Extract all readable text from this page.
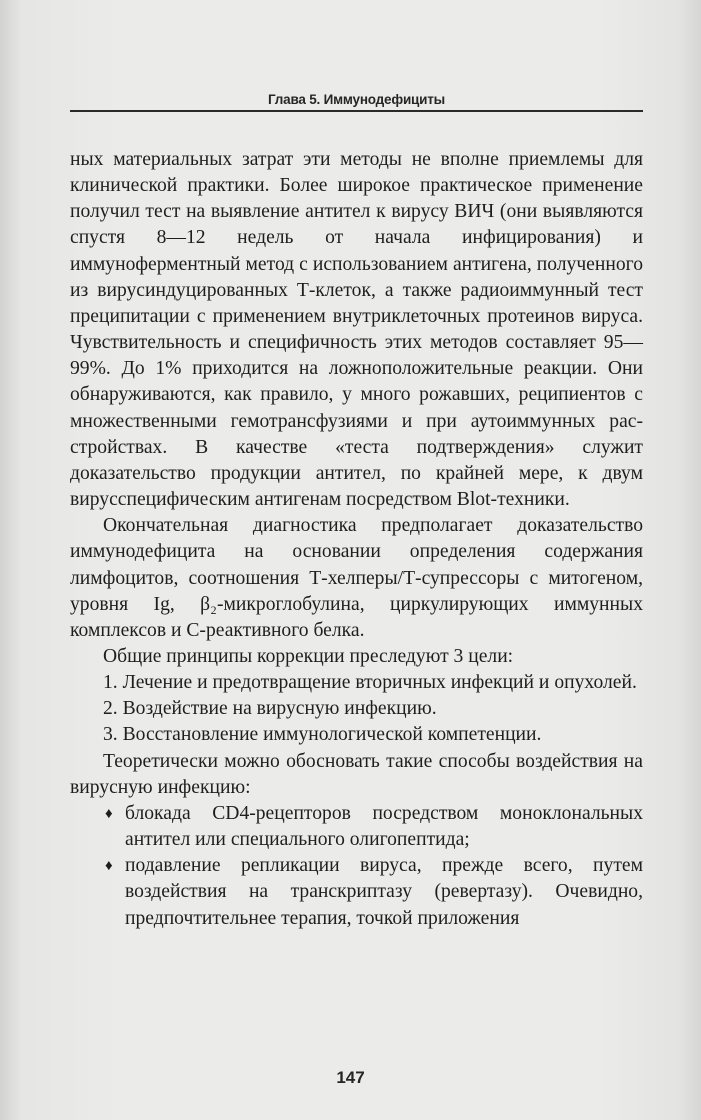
Глава 5. Иммунодефициты

ных материальных затрат эти методы не вполне приемлемы для клинической практики. Более широкое практическое применение получил тест на выявление антител к вирусу ВИЧ (они выявляются спустя 8—12 недель от начала инфицирования) и иммуноферментный метод с использованием антигена, полученного из вирусиндуцированных Т-клеток, а также радиоиммунный тест преципитации с применением внутриклеточных протеинов вируса. Чувствительность и специфичность этих методов составляет 95—99%. До 1% приходится на ложноположительные реакции. Они обнаруживаются, как правило, у много рожавших, реципиентов с множественными гемотрансфузиями и при аутоиммунных расстройствах. В качестве «теста подтверждения» служит доказательство продукции антител, по крайней мере, к двум вирусспецифическим антигенам посредством Blot-техники.

Окончательная диагностика предполагает доказательство иммунодефицита на основании определения содержания лимфоцитов, соотношения Т-хелперы/Т-супрессоры с митогеном, уровня Ig, β₂-микроглобулина, циркулирующих иммунных комплексов и С-реактивного белка.

Общие принципы коррекции преследуют 3 цели:

1. Лечение и предотвращение вторичных инфекций и опухолей.

2. Воздействие на вирусную инфекцию.

3. Восстановление иммунологической компетенции.

Теоретически можно обосновать такие способы воздействия на вирусную инфекцию:

♦ блокада CD4-рецепторов посредством моноклональных антител или специального олигопептида;
♦ подавление репликации вируса, прежде всего, путем воздействия на транскриптазу (ревертазу). Очевидно, предпочтительнее терапия, точкой приложения
147
